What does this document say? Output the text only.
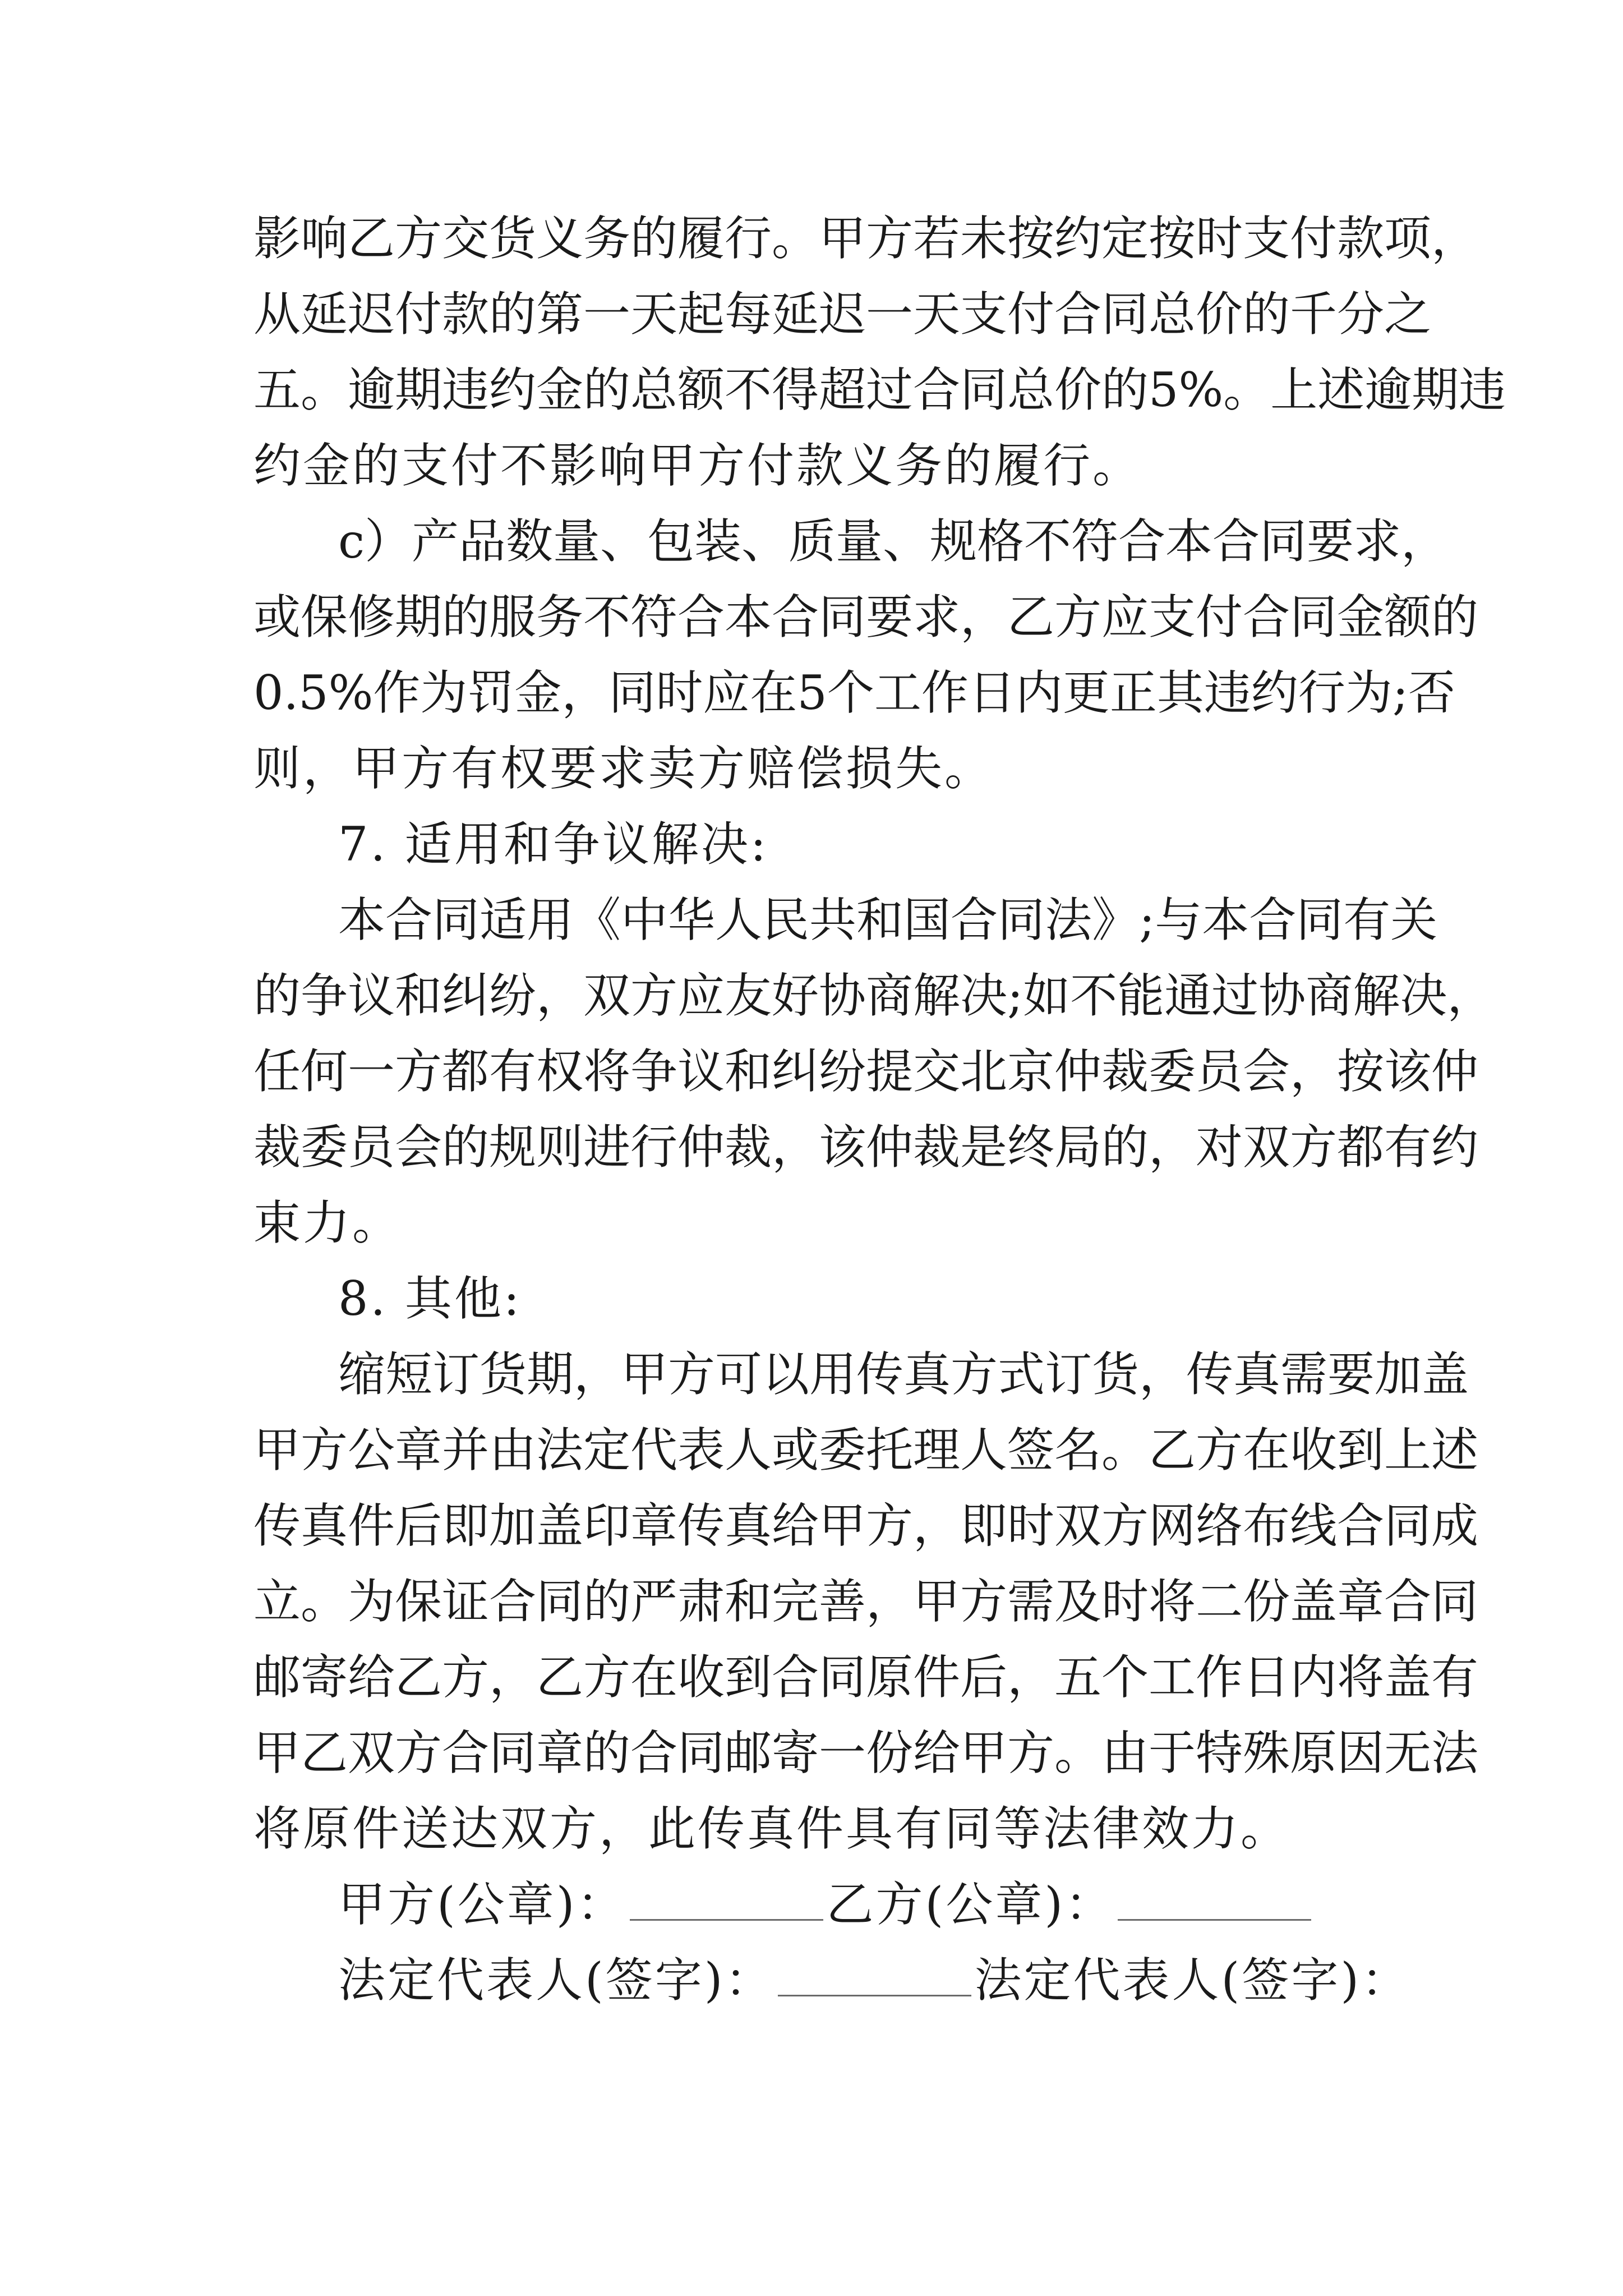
影响乙方交货义务的履行。甲方若未按约定按时支付款项，
从延迟付款的第一天起每延迟一天支付合同总价的千分之
五。逾期违约金的总额不得超过合同总价的5%。上述逾期违
约金的支付不影响甲方付款义务的履行。
c）产品数量、包装、质量、规格不符合本合同要求，
或保修期的服务不符合本合同要求，乙方应支付合同金额的
0.5%作为罚金，同时应在5个工作日内更正其违约行为;否
则，甲方有权要求卖方赔偿损失。
7. 适用和争议解决:
本合同适用《中华人民共和国合同法》;与本合同有关
的争议和纠纷，双方应友好协商解决;如不能通过协商解决，
任何一方都有权将争议和纠纷提交北京仲裁委员会，按该仲
裁委员会的规则进行仲裁，该仲裁是终局的，对双方都有约
束力。
8. 其他:
缩短订货期，甲方可以用传真方式订货，传真需要加盖
甲方公章并由法定代表人或委托理人签名。乙方在收到上述
传真件后即加盖印章传真给甲方，即时双方网络布线合同成
立。为保证合同的严肃和完善，甲方需及时将二份盖章合同
邮寄给乙方，乙方在收到合同原件后，五个工作日内将盖有
甲乙双方合同章的合同邮寄一份给甲方。由于特殊原因无法
将原件送达双方，此传真件具有同等法律效力。
甲方(公章)：	乙方(公章)：
法定代表人(签字)：	法定代表人(签字)：
